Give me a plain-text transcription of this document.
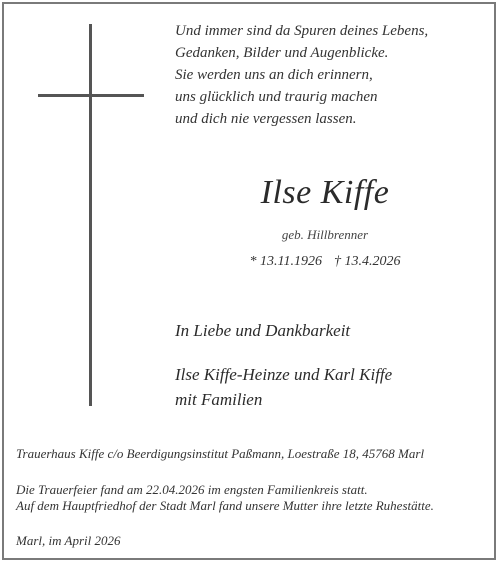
Und immer sind da Spuren deines Lebens,
Gedanken, Bilder und Augenblicke.
Sie werden uns an dich erinnern,
uns glücklich und traurig machen
und dich nie vergessen lassen.
Ilse Kiffe
geb. Hillbrenner
* 13.11.1926 † 13.4.2026
In Liebe und Dankbarkeit
Ilse Kiffe-Heinze und Karl Kiffe
mit Familien
Trauerhaus Kiffe c/o Beerdigungsinstitut Paßmann, Loestraße 18, 45768 Marl
Die Trauerfeier fand am 22.04.2026 im engsten Familienkreis statt.
Auf dem Hauptfriedhof der Stadt Marl fand unsere Mutter ihre letzte Ruhestätte.
Marl, im April 2026
